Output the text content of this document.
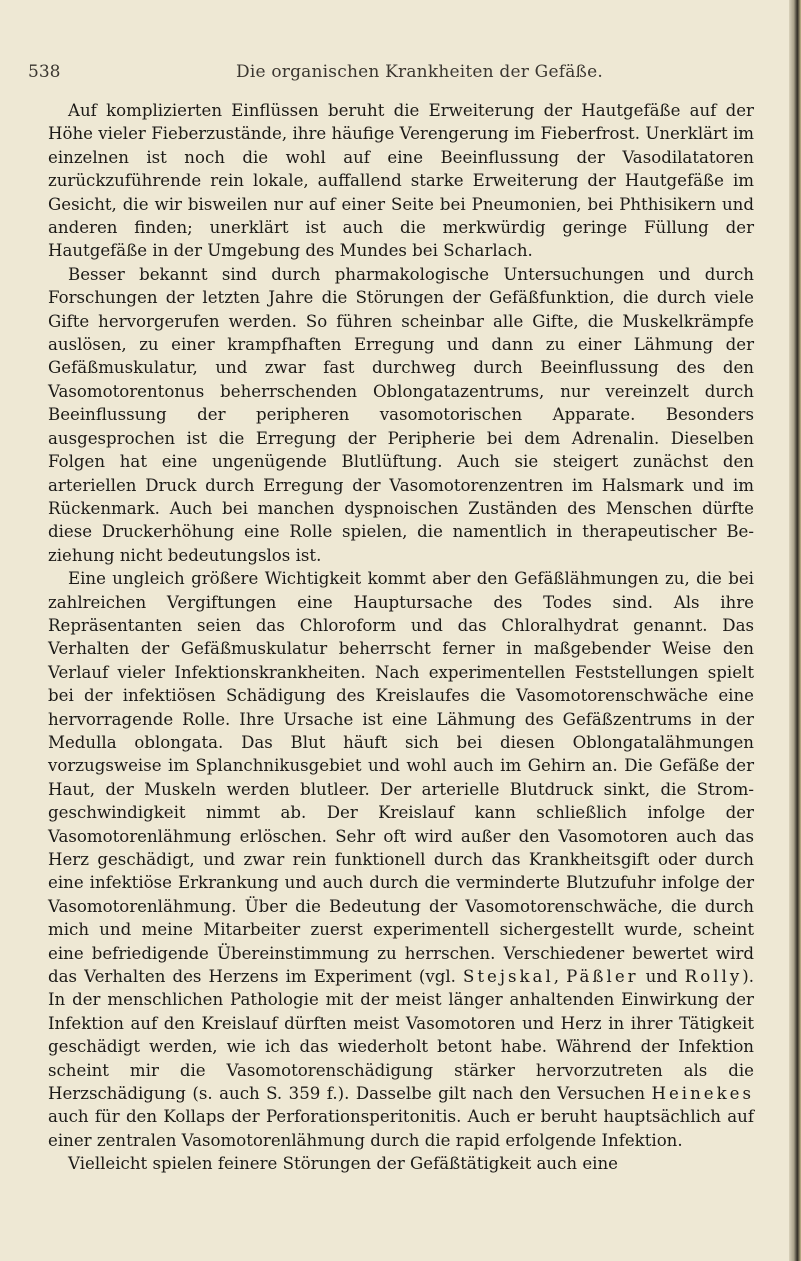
538	Die organischen Krankheiten der Gefäße.

Auf komplizierten Einflüssen beruht die Erweiterung der Hautgefäße auf der Höhe vieler Fieberzustände, ihre häufige Verengerung im Fieberfrost. Unerklärt im einzelnen ist noch die wohl auf eine Beeinflussung der Vasodilatatoren zurückzuführende rein lokale, auffallend starke Erweiterung der Hautgefäße im Gesicht, die wir bisweilen nur auf einer Seite bei Pneumonien, bei Phthisikern und anderen finden; unerklärt ist auch die merkwürdig geringe Füllung der Hautgefäße in der Umgebung des Mundes bei Scharlach.

Besser bekannt sind durch pharmakologische Untersuchungen und durch Forschungen der letzten Jahre die Störungen der Gefäßfunktion, die durch viele Gifte hervorgerufen werden. So führen scheinbar alle Gifte, die Muskelkrämpfe auslösen, zu einer krampfhaften Erregung und dann zu einer Lähmung der Gefäßmuskulatur, und zwar fast durchweg durch Beeinflussung des den Vasomotorentonus beherrschenden Oblongatazentrums, nur vereinzelt durch Beeinflussung der peripheren vasomotorischen Apparate. Besonders ausgesprochen ist die Erregung der Peripherie bei dem Adrenalin. Dieselben Folgen hat eine ungenügende Blutlüftung. Auch sie steigert zunächst den arteriellen Druck durch Erregung der Vasomotorenzentren im Halsmark und im Rückenmark. Auch bei manchen dyspnoischen Zuständen des Menschen dürfte diese Druckerhöhung eine Rolle spielen, die namentlich in therapeutischer Beziehung nicht bedeutungslos ist.

Eine ungleich größere Wichtigkeit kommt aber den Gefäßlähmungen zu, die bei zahlreichen Vergiftungen eine Hauptursache des Todes sind. Als ihre Repräsentanten seien das Chloroform und das Chloralhydrat genannt. Das Verhalten der Gefäßmuskulatur beherrscht ferner in maßgebender Weise den Verlauf vieler Infektionskrankheiten. Nach experimentellen Feststellungen spielt bei der infektiösen Schädigung des Kreislaufes die Vasomotorenschwäche eine hervorragende Rolle. Ihre Ursache ist eine Lähmung des Gefäßzentrums in der Medulla oblongata. Das Blut häuft sich bei diesen Oblongatalähmungen vorzugsweise im Splanchnikusgebiet und wohl auch im Gehirn an. Die Gefäße der Haut, der Muskeln werden blutleer. Der arterielle Blutdruck sinkt, die Stromgeschwindigkeit nimmt ab. Der Kreislauf kann schließlich infolge der Vasomotorenlähmung erlöschen. Sehr oft wird außer den Vasomotoren auch das Herz geschädigt, und zwar rein funktionell durch das Krankheitsgift oder durch eine infektiöse Erkrankung und auch durch die verminderte Blutzufuhr infolge der Vasomotorenlähmung. Über die Bedeutung der Vasomotorenschwäche, die durch mich und meine Mitarbeiter zuerst experimentell sichergestellt wurde, scheint eine befriedigende Übereinstimmung zu herrschen. Verschiedener bewertet wird das Verhalten des Herzens im Experiment (vgl. Stejskal, Päßler und Rolly). In der menschlichen Pathologie mit der meist länger anhaltenden Einwirkung der Infektion auf den Kreislauf dürften meist Vasomotoren und Herz in ihrer Tätigkeit geschädigt werden, wie ich das wiederholt betont habe. Während der Infektion scheint mir die Vasomotorenschädigung stärker hervorzutreten als die Herzschädigung (s. auch S. 359 f.). Dasselbe gilt nach den Versuchen Heinekes auch für den Kollaps der Perforationsperitonitis. Auch er beruht hauptsächlich auf einer zentralen Vasomotorenlähmung durch die rapid erfolgende Infektion.

Vielleicht spielen feinere Störungen der Gefäßtätigkeit auch eine
